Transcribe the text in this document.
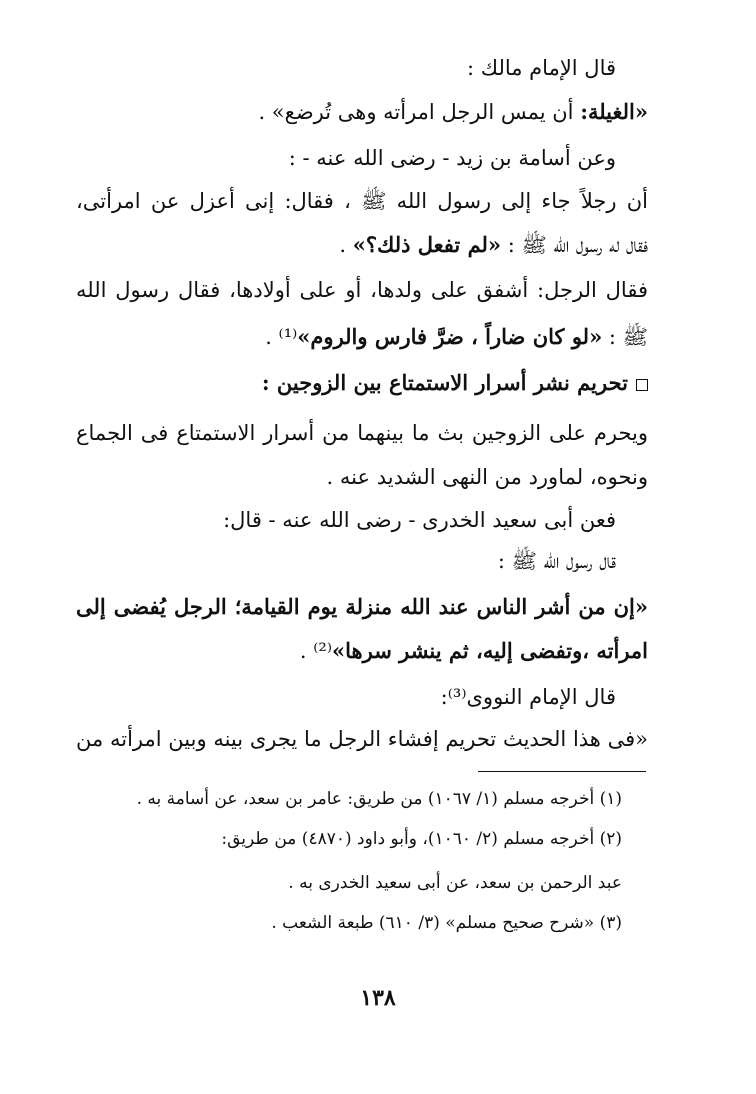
قال الإمام مالك :
«الغيلة: أن يمس الرجل امرأته وهى تُرضع» .
وعن أسامة بن زيد - رضى الله عنه - :
أن رجلاً جاء إلى رسول الله ﷺ ، فقال: إنى أعزل عن امرأتى،
فقال له رسول الله ﷺ : «لم تفعل ذلك؟» .
فقال الرجل: أشفق على ولدها، أو على أولادها، فقال رسول الله
ﷺ : «لو كان ضاراً ، ضرَّ فارس والروم»⁽¹⁾ .
تحريم نشر أسرار الاستمتاع بين الزوجين :
ويحرم على الزوجين بث ما بينهما من أسرار الاستمتاع فى الجماع
ونحوه، لماورد من النهى الشديد عنه .
فعن أبى سعيد الخدرى - رضى الله عنه - قال:
قال رسول الله ﷺ :
«إن من أشر الناس عند الله منزلة يوم القيامة؛ الرجل يُفضى إلى
امرأته ،وتفضى إليه، ثم ينشر سرها»⁽²⁾ .
قال الإمام النووى⁽³⁾:
«فى هذا الحديث تحريم إفشاء الرجل ما يجرى بينه وبين امرأته من
(١) أخرجه مسلم (١/ ١٠٦٧) من طريق: عامر بن سعد، عن أسامة به .
(٢) أخرجه مسلم (٢/ ١٠٦٠)، وأبو داود (٤٨٧٠) من طريق:
عبد الرحمن بن سعد، عن أبى سعيد الخدرى به .
(٣) «شرح صحيح مسلم» (٣/ ٦١٠) طبعة الشعب .
١٣٨
